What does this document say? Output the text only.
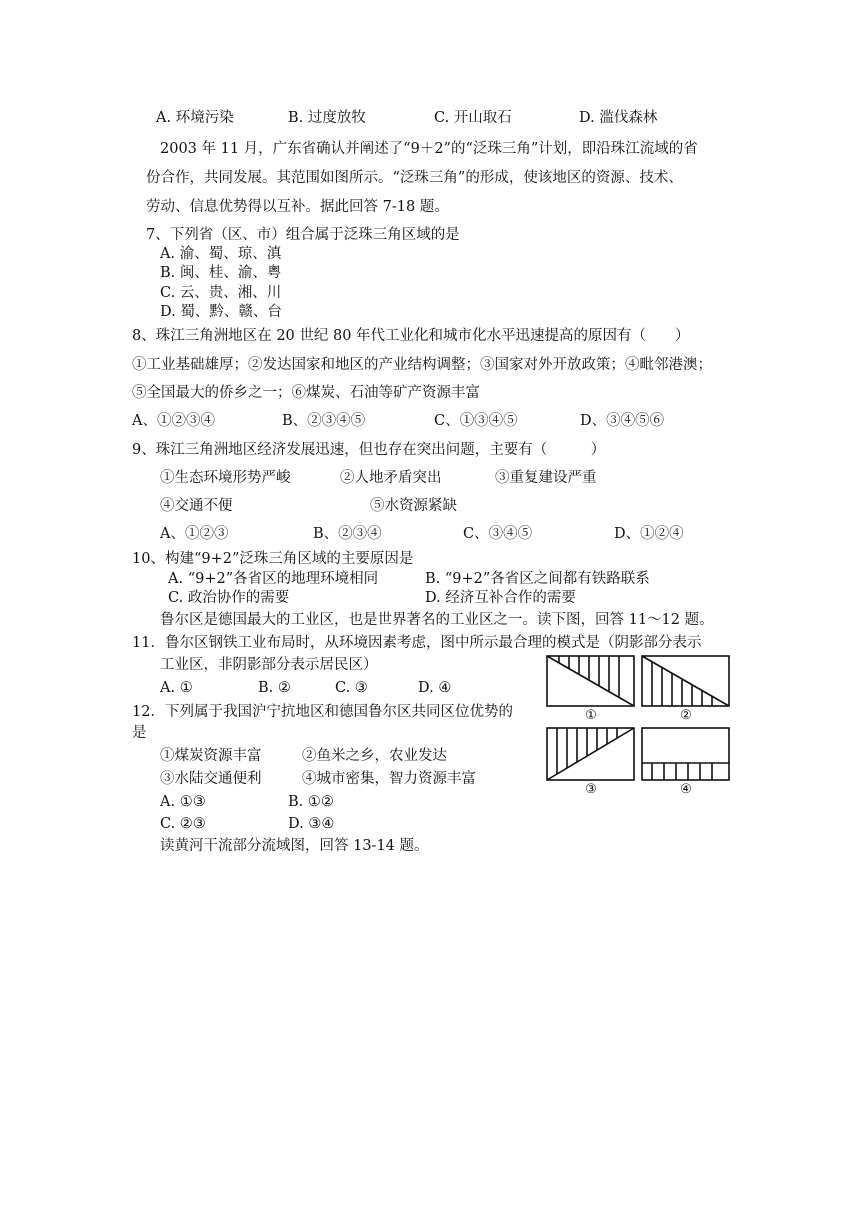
A. 环境污染	B. 过度放牧	C. 开山取石	D. 滥伐森林
2003 年 11 月，广东省确认并阐述了“9＋2”的“泛珠三角”计划，即沿珠江流域的省
份合作，共同发展。其范围如图所示。“泛珠三角”的形成，使该地区的资源、技术、
劳动、信息优势得以互补。据此回答 7-18 题。
7、下列省（区、市）组合属于泛珠三角区域的是
A. 渝、蜀、琼、滇
B. 闽、桂、渝、粤
C. 云、贵、湘、川
D. 蜀、黔、赣、台
8、珠江三角洲地区在 20 世纪 80 年代工业化和城市化水平迅速提高的原因有（　　）
①工业基础雄厚；②发达国家和地区的产业结构调整；③国家对外开放政策；④毗邻港澳；
⑤全国最大的侨乡之一；⑥煤炭、石油等矿产资源丰富
A、①②③④	B、②③④⑤	C、①③④⑤	D、③④⑤⑥
9、珠江三角洲地区经济发展迅速，但也存在突出问题，主要有（　　　）
①生态环境形势严峻	②人地矛盾突出	③重复建设严重
④交通不便	⑤水资源紧缺
A、①②③	B、②③④	C、③④⑤	D、①②④
10、构建“9+2”泛珠三角区域的主要原因是
A. “9+2”各省区的地理环境相同	B. “9+2”各省区之间都有铁路联系
C. 政治协作的需要	D. 经济互补合作的需要
鲁尔区是德国最大的工业区，也是世界著名的工业区之一。读下图，回答 11～12 题。
11．鲁尔区钢铁工业布局时，从环境因素考虑，图中所示最合理的模式是（阴影部分表示
工业区，非阴影部分表示居民区）
A. ①	B. ②	C. ③	D. ④
12．下列属于我国沪宁抗地区和德国鲁尔区共同区位优势的
是
①煤炭资源丰富	②鱼米之乡，农业发达
③水陆交通便利	④城市密集，智力资源丰富
A. ①③	B. ①②
C. ②③	D. ③④
读黄河干流部分流域图，回答 13-14 题。
①	②
③	④
